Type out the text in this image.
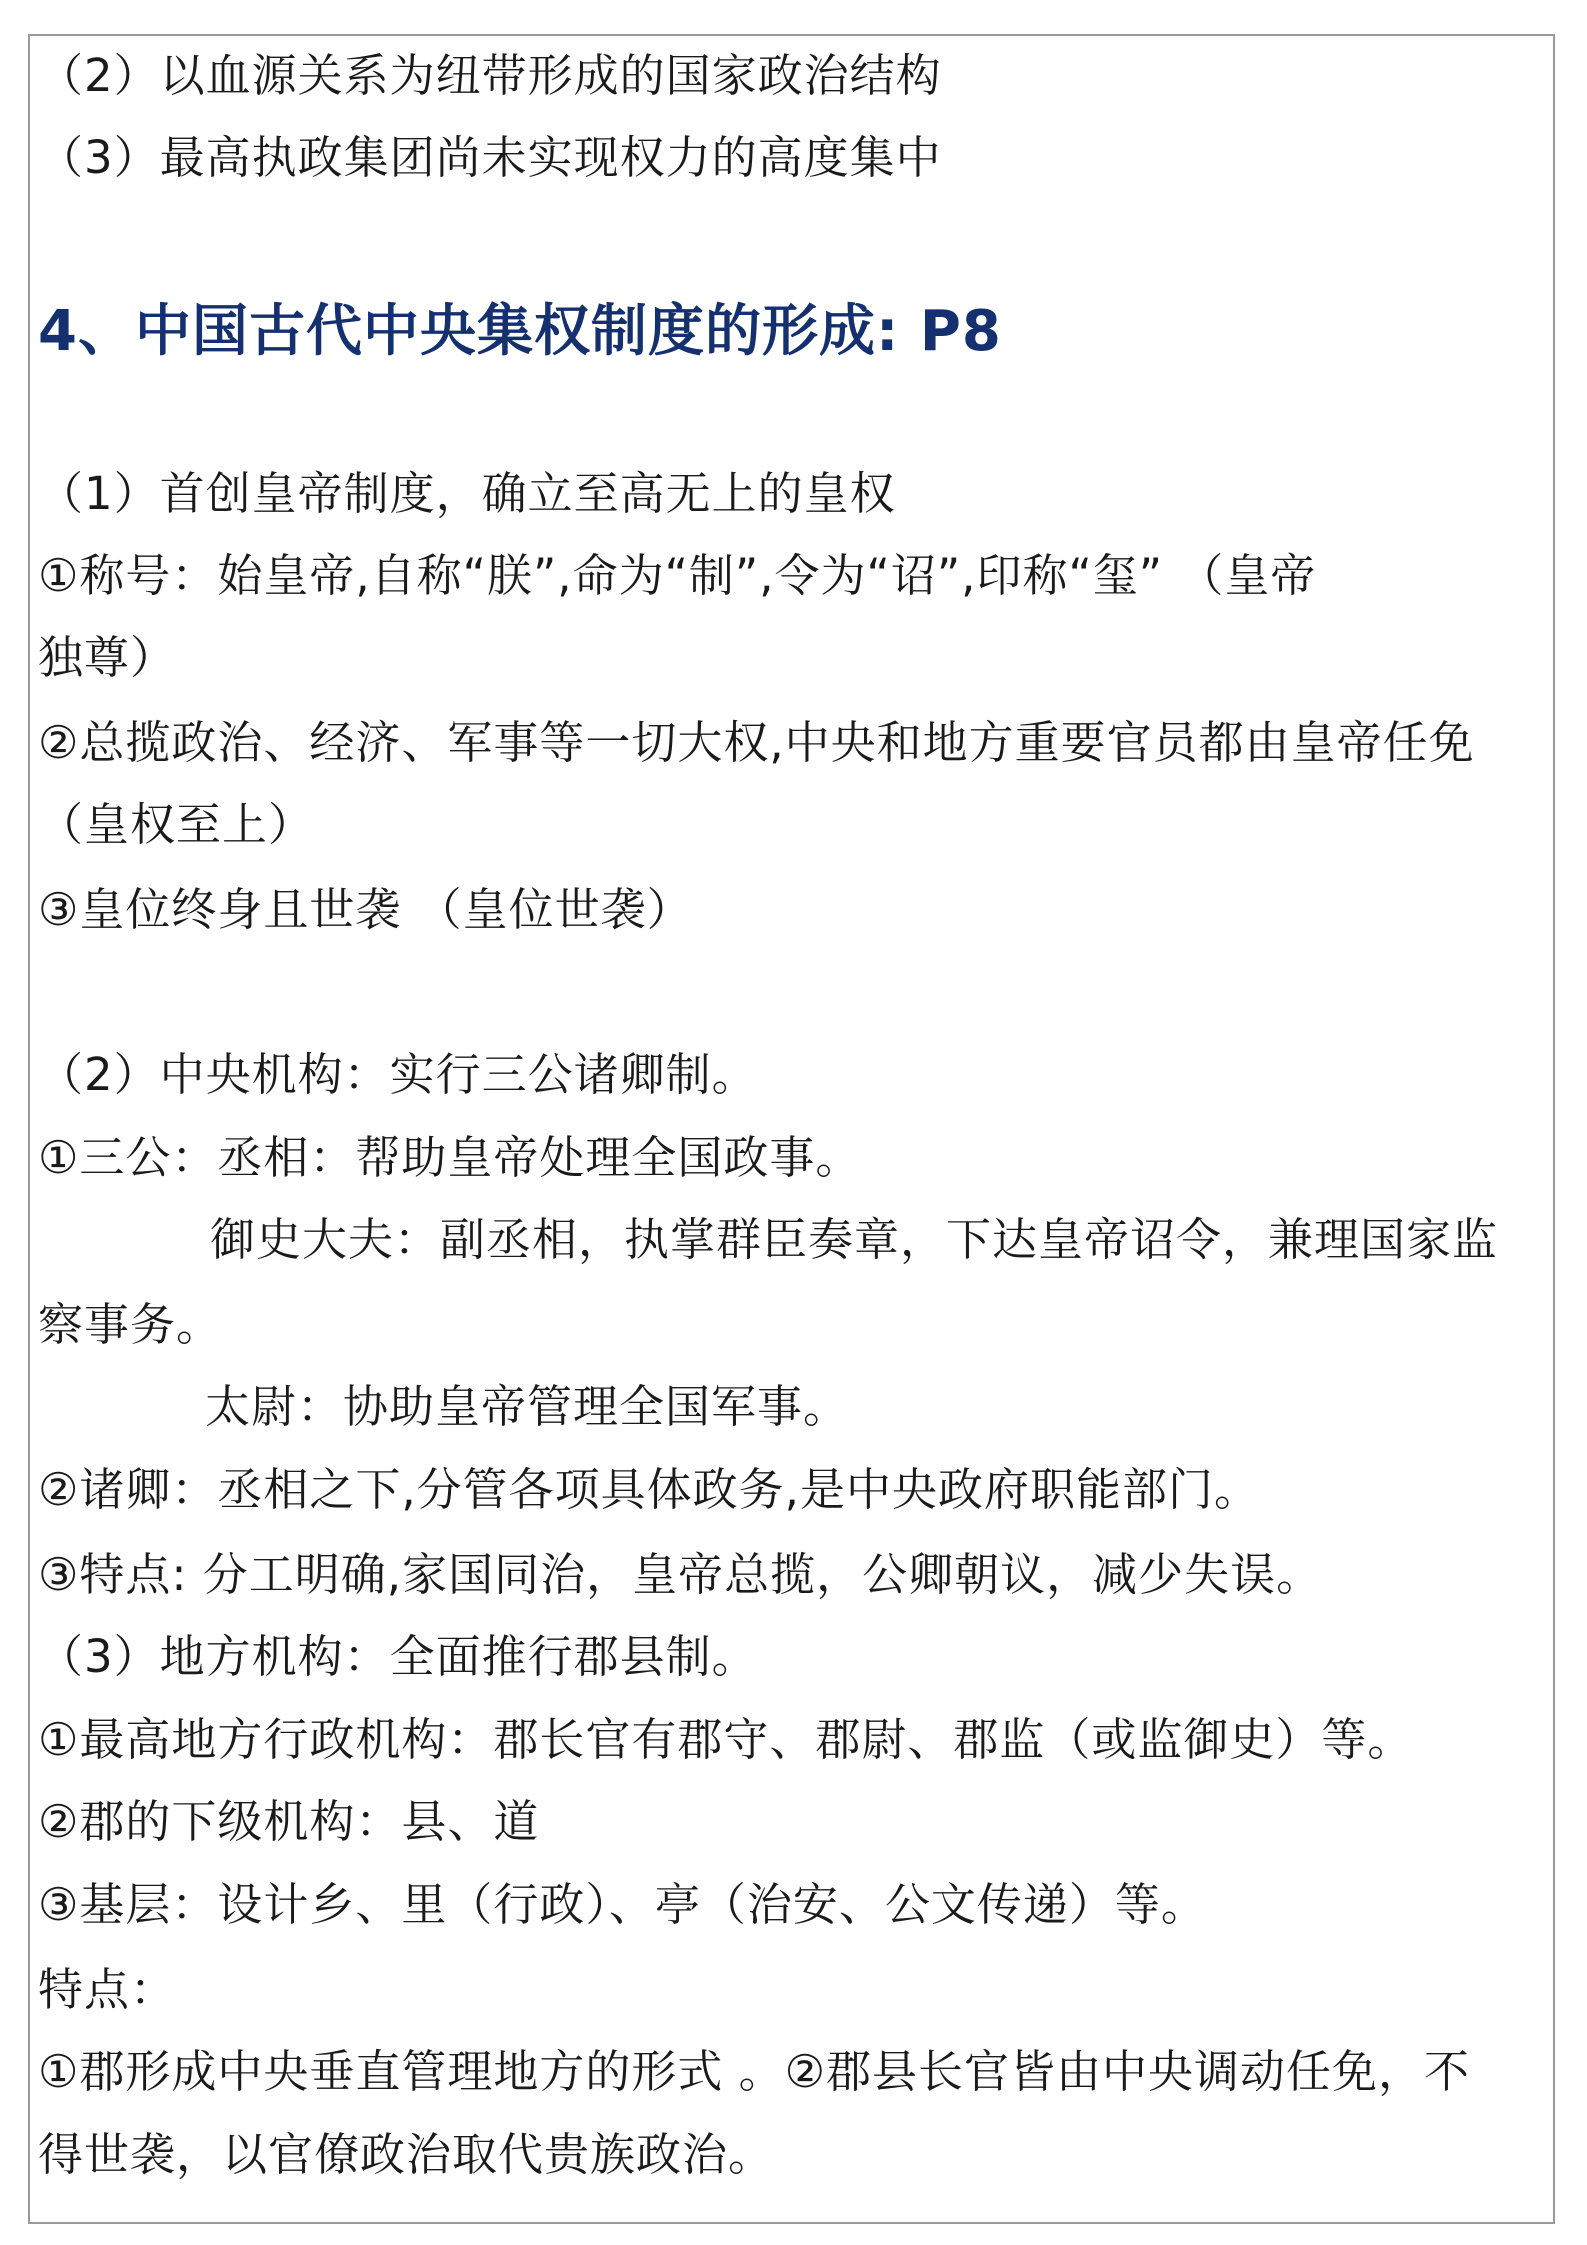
（2）以血源关系为纽带形成的国家政治结构
（3）最高执政集团尚未实现权力的高度集中
4、中国古代中央集权制度的形成: P8
（1）首创皇帝制度，确立至高无上的皇权
①称号：始皇帝,自称“朕”,命为“制”,令为“诏”,印称“玺” （皇帝
独尊）
②总揽政治、经济、军事等一切大权,中央和地方重要官员都由皇帝任免
（皇权至上）
③皇位终身且世袭 （皇位世袭）
（2）中央机构：实行三公诸卿制。
①三公：丞相：帮助皇帝处理全国政事。
御史大夫：副丞相，执掌群臣奏章，下达皇帝诏令，兼理国家监
察事务。
太尉：协助皇帝管理全国军事。
②诸卿：丞相之下,分管各项具体政务,是中央政府职能部门。
③特点: 分工明确,家国同治，皇帝总揽，公卿朝议，减少失误。
（3）地方机构：全面推行郡县制。
①最高地方行政机构：郡长官有郡守、郡尉、郡监（或监御史）等。
②郡的下级机构：县、道
③基层：设计乡、里（行政）、亭（治安、公文传递）等。
特点：
①郡形成中央垂直管理地方的形式 。②郡县长官皆由中央调动任免，不
得世袭，以官僚政治取代贵族政治。
